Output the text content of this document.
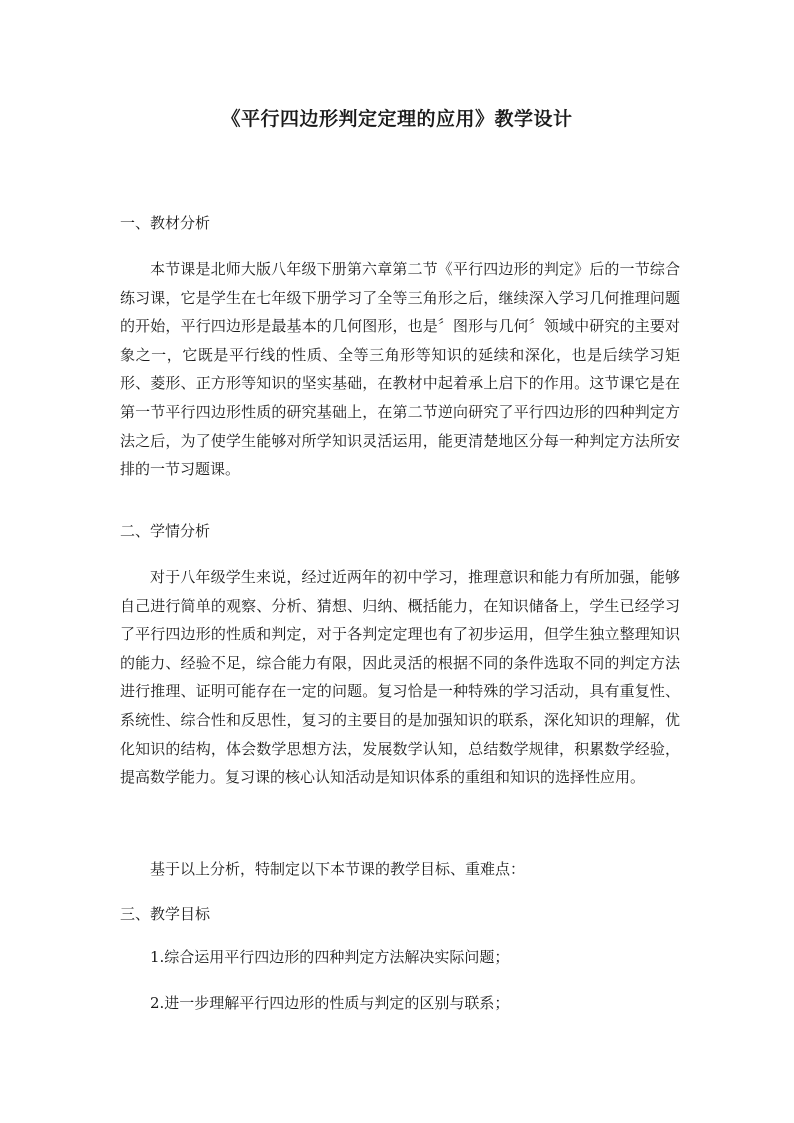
《平行四边形判定定理的应用》教学设计
一、教材分析

本节课是北师大版八年级下册第六章第二节《平行四边形的判定》后的一节综合练习课，它是学生在七年级下册学习了全等三角形之后，继续深入学习几何推理问题的开始，平行四边形是最基本的几何图形，也是〞图形与几何〞领域中研究的主要对象之一，它既是平行线的性质、全等三角形等知识的延续和深化，也是后续学习矩形、菱形、正方形等知识的坚实基础，在教材中起着承上启下的作用。这节课它是在第一节平行四边形性质的研究基础上，在第二节逆向研究了平行四边形的四种判定方法之后，为了使学生能够对所学知识灵活运用，能更清楚地区分每一种判定方法所安排的一节习题课。

二、学情分析

对于八年级学生来说，经过近两年的初中学习，推理意识和能力有所加强，能够自己进行简单的观察、分析、猜想、归纳、概括能力，在知识储备上，学生已经学习了平行四边形的性质和判定，对于各判定定理也有了初步运用，但学生独立整理知识的能力、经验不足，综合能力有限，因此灵活的根据不同的条件选取不同的判定方法进行推理、证明可能存在一定的问题。复习恰是一种特殊的学习活动，具有重复性、系统性、综合性和反思性，复习的主要目的是加强知识的联系，深化知识的理解，优化知识的结构，体会数学思想方法，发展数学认知，总结数学规律，积累数学经验，提高数学能力。复习课的核心认知活动是知识体系的重组和知识的选择性应用。

基于以上分析，特制定以下本节课的教学目标、重难点：

三、教学目标

1.综合运用平行四边形的四种判定方法解决实际问题；

2.进一步理解平行四边形的性质与判定的区别与联系；
